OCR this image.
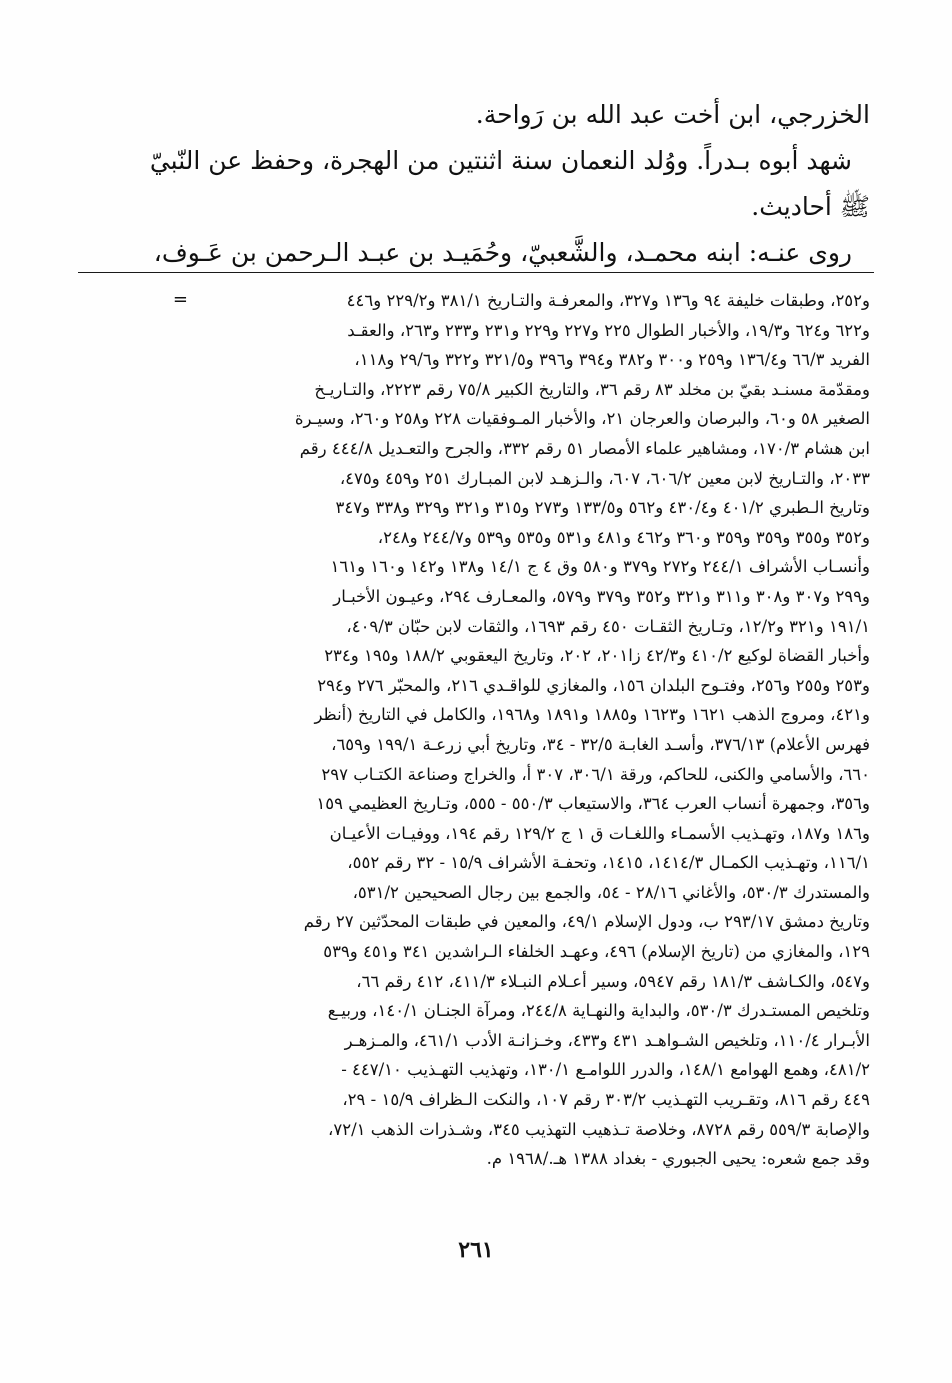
الخزرجي، ابن أخت عبد الله بن رَواحة.

شهد أبوه بـدراً. ووُلد النعمان سنة اثنتين من الهجرة، وحفظ عن النّبيّ

ﷺ أحاديث.

روى عنـه: ابنه محمـد، والشَّعبيّ، وحُمَيـد بن عبـد الـرحمن بن عَـوف،

=	و٢٥٢، وطبقات خليفة ٩٤ و١٣٦ و٣٢٧، والمعرفـة والتـاريخ ٣٨١/١ و٢٢٩/٢ و٤٤٦

و٦٢٢ و٦٢٤ و١٩/٣، والأخبار الطوال ٢٢٥ و٢٢٧ و٢٢٩ و٢٣١ و٢٣٣ و٢٦٣، والعقـد

الفريد ٦٦/٣ و١٣٦/٤ و٢٥٩ و٣٠٠ و٣٨٢ و٣٩٤ و٣٩٦ و٣٢١/٥ و٣٢٢ و٢٩/٦ و١١٨،

ومقدّمة مسنـد بقيّ بن مخلد ٨٣ رقم ٣٦، والتاريخ الكبير ٧٥/٨ رقم ٢٢٢٣، والتـاريـخ

الصغير ٥٨ و٦٠، والبرصان والعرجان ٢١، والأخبار المـوفقيات ٢٢٨ و٢٥٨ و٢٦٠، وسيـرة

ابن هشام ١٧٠/٣، ومشاهير علماء الأمصار ٥١ رقم ٣٣٢، والجرح والتعـديل ٤٤٤/٨ رقم

٢٠٣٣، والتـاريخ لابن معين ٦٠٦/٢، ٦٠٧، والـزهـد لابن المبـارك ٢٥١ و٤٥٩ و٤٧٥،

وتاريخ الـطبري ٤٠١/٢ و٤٣٠/٤ و٥٦٢ و١٣٣/٥ و٢٧٣ و٣١٥ و٣٢١ و٣٢٩ و٣٣٨ و٣٤٧

و٣٥٢ و٣٥٥ و٣٥٩ و٣٥٩ و٣٦٠ و٤٦٢ و٤٨١ و٥٣١ و٥٣٥ و٥٣٩ و٢٤٤/٧ و٢٤٨،

وأنسـاب الأشراف ٢٤٤/١ و٢٧٢ و٣٧٩ و٥٨٠ وق ٤ ج ١٤/١ و١٣٨ و١٤٢ و١٦٠ و١٦١

و٢٩٩ و٣٠٧ و٣٠٨ و٣١١ و٣٢١ و٣٥٢ و٣٧٩ و٥٧٩، والمعـارف ٢٩٤، وعيـون الأخبـار

١٩١/١ و٣٢١ و١٢/٢، وتـاريخ الثقـات ٤٥٠ رقم ١٦٩٣، والثقات لابن حبّان ٤٠٩/٣،

وأخبار القضاة لوكيع ٤١٠/٢ و٤٢/٣ زا٢٠١، ٢٠٢، وتاريخ اليعقوبي ١٨٨/٢ و١٩٥ و٢٣٤

و٢٥٣ و٢٥٥ و٢٥٦، وفتـوح البلدان ١٥٦، والمغازي للواقـدي ٢١٦، والمحبّر ٢٧٦ و٢٩٤

و٤٢١، ومروج الذهب ١٦٢١ و١٦٢٣ و١٨٨٥ و١٨٩١ و١٩٦٨، والكامل في التاريخ (أنظر

فهرس الأعلام) ٣٧٦/١٣، وأسـد الغابـة ٣٢/٥ - ٣٤، وتاريخ أبي زرعـة ١٩٩/١ و٦٥٩،

٦٦٠، والأسامي والكنى، للحاكم، ورقة ٣٠٦/١، ٣٠٧ أ، والخراج وصناعة الكتـاب ٢٩٧

و٣٥٦، وجمهرة أنساب العرب ٣٦٤، والاستيعاب ٥٥٠/٣ - ٥٥٥، وتـاريخ العظيمي ١٥٩

و١٨٦ و١٨٧، وتهـذيب الأسمـاء واللغـات ق ١ ج ١٢٩/٢ رقم ١٩٤، ووفيـات الأعيـان

١١٦/١، وتهـذيب الكمـال ١٤١٤/٣، ١٤١٥، وتحفـة الأشراف ١٥/٩ - ٣٢ رقم ٥٥٢،

والمستدرك ٥٣٠/٣، والأغاني ٢٨/١٦ - ٥٤، والجمع بين رجال الصحيحين ٥٣١/٢،

وتاريخ دمشق ٢٩٣/١٧ ب، ودول الإسلام ٤٩/١، والمعين في طبقات المحدّثين ٢٧ رقم

١٢٩، والمغازي من (تاريخ الإسلام) ٤٩٦، وعهـد الخلفاء الـراشدين ٣٤١ و٤٥١ و٥٣٩

و٥٤٧، والكـاشف ١٨١/٣ رقم ٥٩٤٧، وسير أعـلام النبـلاء ٤١١/٣، ٤١٢ رقم ٦٦،

وتلخيص المستـدرك ٥٣٠/٣، والبداية والنهـاية ٢٤٤/٨، ومرآة الجنـان ١٤٠/١، وربيـع

الأبـرار ١١٠/٤، وتلخيص الشـواهـد ٤٣١ و٤٣٣، وخـزانـة الأدب ٤٦١/١، والمـزهـر

٤٨١/٢، وهمع الهوامع ١٤٨/١، والدرر اللوامـع ١٣٠/١، وتهذيب التهـذيب ٤٤٧/١٠ -

٤٤٩ رقم ٨١٦، وتقـريب التهـذيب ٣٠٣/٢ رقم ١٠٧، والنكت الـظراف ١٥/٩ - ٢٩،

والإصابة ٥٥٩/٣ رقم ٨٧٢٨، وخلاصة تـذهيب التهذيب ٣٤٥، وشـذرات الذهب ٧٢/١،

وقد جمع شعره: يحيى الجبوري - بغداد ١٣٨٨ هـ./١٩٦٨ م.

٢٦١
